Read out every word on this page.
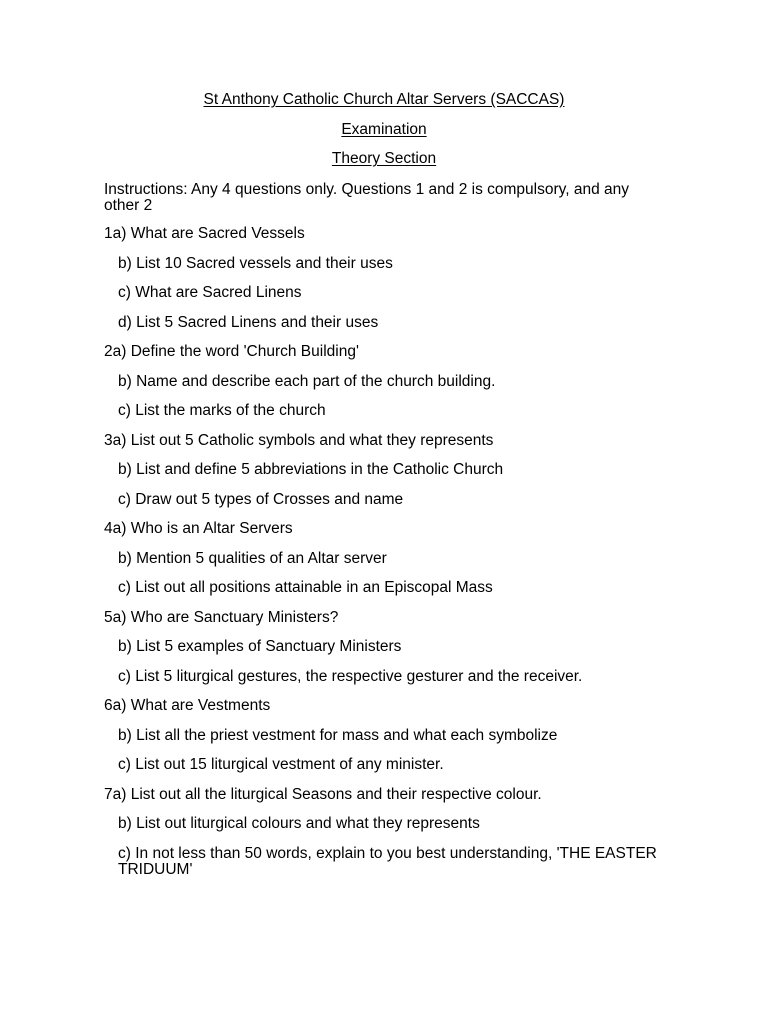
St Anthony Catholic Church Altar Servers (SACCAS)
Examination
Theory Section
Instructions: Any 4 questions only. Questions 1 and 2 is compulsory, and any other 2
1a) What are Sacred Vessels
b) List 10 Sacred vessels and their uses
c) What are Sacred Linens
d) List 5 Sacred Linens and their uses
2a) Define the word 'Church Building'
b) Name and describe each part of the church building.
c) List the marks of the church
3a) List out 5 Catholic symbols and what they represents
b) List and define 5 abbreviations in the Catholic Church
c) Draw out 5 types of Crosses and name
4a) Who is an Altar Servers
b) Mention 5 qualities of an Altar server
c) List out all positions attainable in an Episcopal Mass
5a) Who are Sanctuary Ministers?
b) List 5 examples of Sanctuary Ministers
c) List 5 liturgical gestures, the respective gesturer and the receiver.
6a) What are Vestments
b) List all the priest vestment for mass and what each symbolize
c) List out 15 liturgical vestment of any minister.
7a) List out all the liturgical Seasons and their respective colour.
b) List out liturgical colours and what they represents
c) In not less than 50 words, explain to you best understanding, 'THE EASTER TRIDUUM'
